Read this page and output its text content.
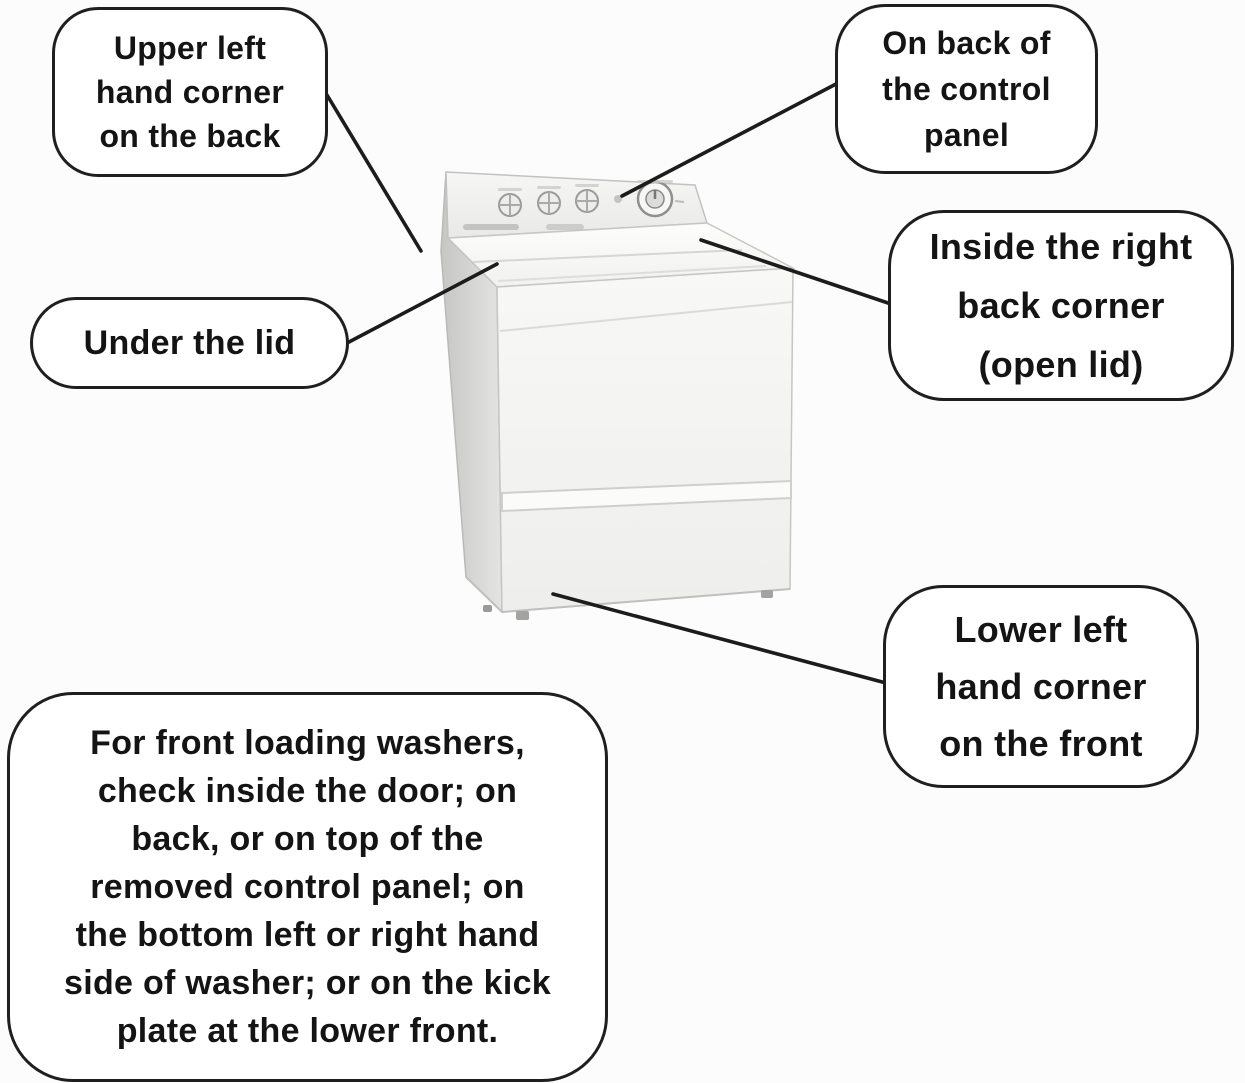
Upper left
hand corner
on the back
On back of
the control
panel
Under the lid
Inside the right
back corner
(open lid)
Lower left
hand corner
on the front
For front loading washers,
check inside the door; on
back, or on top of the
removed control panel; on
the bottom left or right hand
side of washer; or on the kick
plate at the lower front.
